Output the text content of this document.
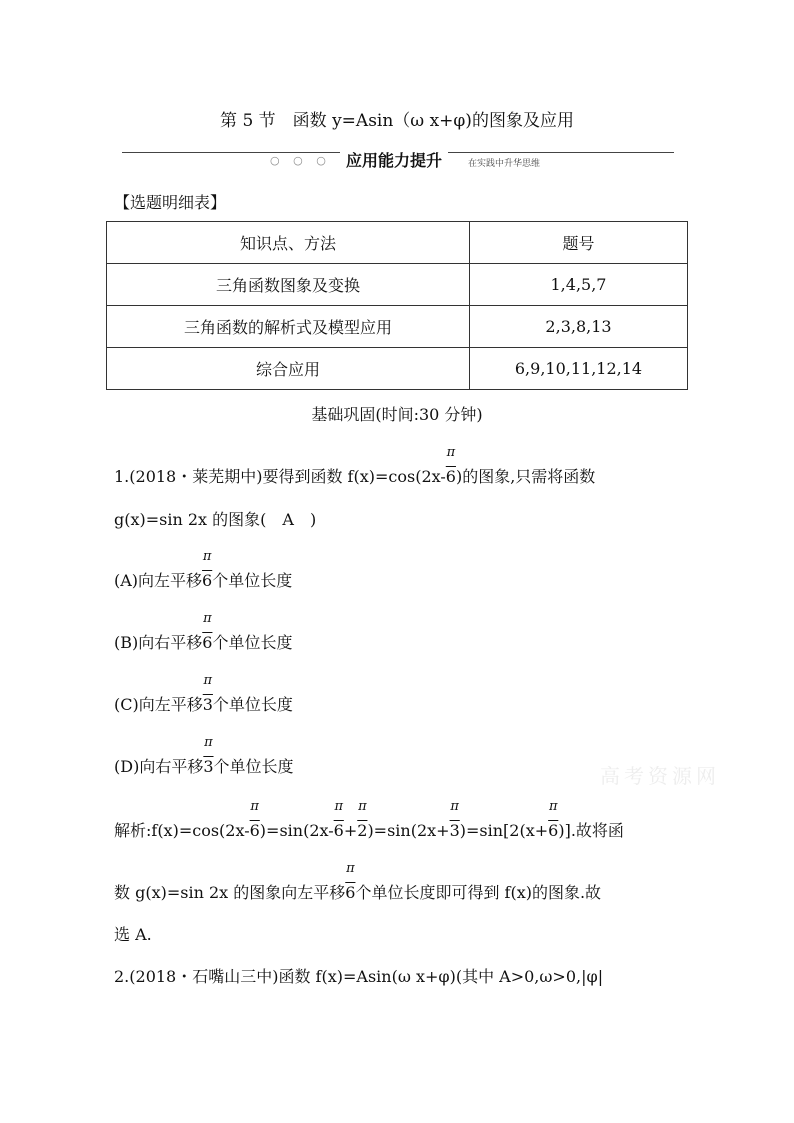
第 5 节　函数 y=Asin（ω x+φ)的图象及应用
○ ○ ○ 应用能力提升	在实践中升华思维
【选题明细表】
知识点、方法	题号
三角函数图象及变换	1,4,5,7
三角函数的解析式及模型应用	2,3,8,13
综合应用	6,9,10,11,12,14
基础巩固(时间:30 分钟)
1.(2018・莱芜期中)要得到函数 $f(x)=\cos(2x- \frac{\pi}{6})$的图象,只需将函数
g(x)=sin 2x 的图象(　A　)
(A)向左平移 $\frac{\pi}{6}$个单位长度
(B)向右平移 $\frac{\pi}{6}$个单位长度
(C)向左平移 $\frac{\pi}{3}$个单位长度
(D)向右平移 $\frac{\pi}{3}$个单位长度	高考资源网
解析:f(x)=cos(2x- $\frac{\pi}{6})=\sin(2x- \frac{\pi}{6}+ \frac{\pi}{2})=\sin(2x+ \frac{\pi}{3})=\sin[2(x+ \frac{\pi}{6})]$.故将函
数 g(x)=sin 2x 的图象向左平移 $\frac{\pi}{6}$个单位长度即可得到 f(x)的图象.故
选 A.
2.(2018・石嘴山三中)函数 f(x)=Asin(ω x+φ)(其中 A>0,ω>0,|φ|
